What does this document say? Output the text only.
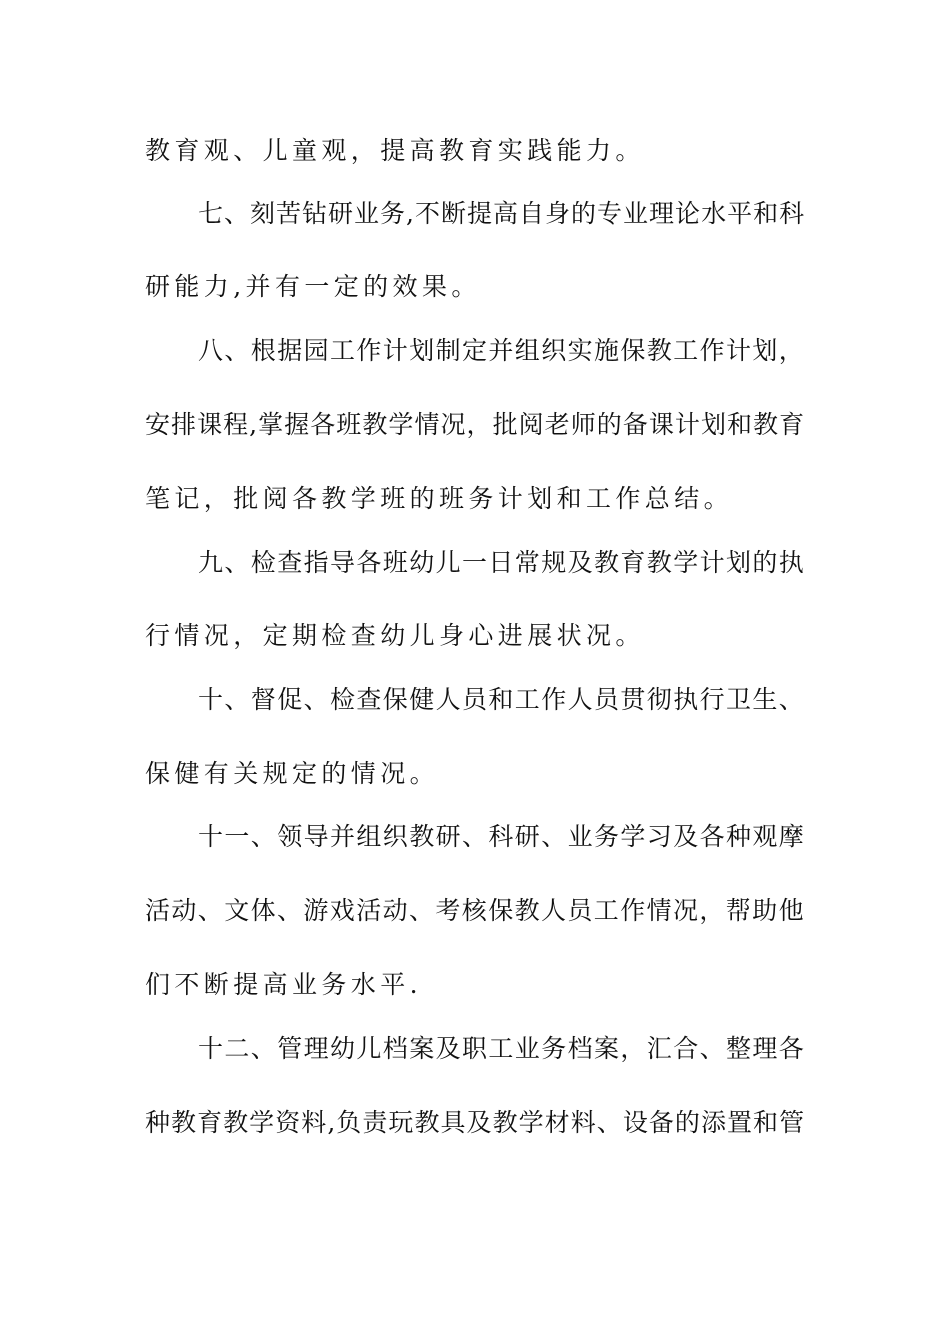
教育观、儿童观，提高教育实践能力。
七、刻苦钻研业务,不断提高自身的专业理论水平和科
研能力,并有一定的效果。
八、根据园工作计划制定并组织实施保教工作计划，
安排课程,掌握各班教学情况，批阅老师的备课计划和教育
笔记，批阅各教学班的班务计划和工作总结。
九、检查指导各班幼儿一日常规及教育教学计划的执
行情况，定期检查幼儿身心进展状况。
十、督促、检查保健人员和工作人员贯彻执行卫生、
保健有关规定的情况。
十一、领导并组织教研、科研、业务学习及各种观摩
活动、文体、游戏活动、考核保教人员工作情况，帮助他
们不断提高业务水平.
十二、管理幼儿档案及职工业务档案，汇合、整理各
种教育教学资料,负责玩教具及教学材料、设备的添置和管
